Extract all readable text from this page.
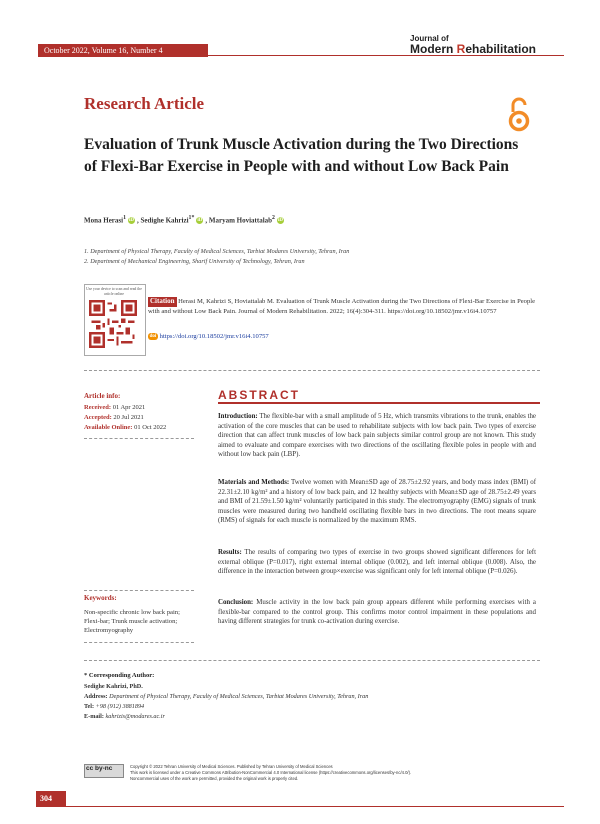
October 2022, Volume 16, Number 4
Journal of
Modern Rehabilitation
Research Article
Evaluation of Trunk Muscle Activation during the Two Directions of Flexi-Bar Exercise in People with and without Low Back Pain
Mona Herasi$^1$ iD , Sedighe Kahrizi$^{1*}$ iD , Maryam Hoviattalab$^2$ iD
1. Department of Physical Therapy, Faculty of Medical Sciences, Tarbiat Modares University, Tehran, Iran
2. Department of Mechanical Engineering, Sharif University of Technology, Tehran, Iran
Use your device to scan and read the article online
Citation Herasi M, Kahrizi S, Hoviattalab M. Evaluation of Trunk Muscle Activation during the Two Directions of Flexi-Bar Exercise in People with and without Low Back Pain. Journal of Modern Rehabilitation. 2022; 16(4):304-311. https://doi.org/10.18502/jmr.v16i4.10757
doi https://doi.org/10.18502/jmr.v16i4.10757
Article info:
Received: 01 Apr 2021
Accepted: 20 Jul 2021
Available Online: 01 Oct 2022
Keywords:
Non-specific chronic low back pain; Flexi-bar; Trunk muscle activation; Electromyography
ABSTRACT
Introduction: The flexible-bar with a small amplitude of 5 Hz, which transmits vibrations to the trunk, enables the activation of the core muscles that can be used to rehabilitate subjects with low back pain. Two types of exercise direction that can affect trunk muscles of low back pain subjects similar control group are not known. This study aimed to evaluate and compare exercises with two directions of the oscillating flexible poles in people with and without low back pain (LBP).
Materials and Methods: Twelve women with Mean±SD age of 28.75±2.92 years, and body mass index (BMI) of 22.31±2.10 kg/m² and a history of low back pain, and 12 healthy subjects with Mean±SD age of 28.75±2.49 years and BMI of 21.59±1.50 kg/m² voluntarily participated in this study. The electromyography (EMG) signals of trunk muscles were measured during two handheld oscillating flexible bars in two directions. The root means square (RMS) of signals for each muscle is normalized by the maximum RMS.
Results: The results of comparing two types of exercise in two groups showed significant differences for left external oblique (P=0.017), right external internal oblique (0.002), and left internal oblique (0.008). Also, the difference in the interaction between group×exercise was significant only for left internal oblique (P=0.026).
Conclusion: Muscle activity in the low back pain group appears different while performing exercises with a flexible-bar compared to the control group. This confirms motor control impairment in these populations and having different strategies for trunk co-activation during exercise.
* Corresponding Author:
Sedighe Kahrizi, PhD.
Address: Department of Physical Therapy, Faculty of Medical Sciences, Tarbiat Modares University, Tehran, Iran
Tel: +98 (912) 3881894
E-mail: kahrizis@modares.ac.ir
cc by-nc	Copyright © 2022 Tehran University of Medical Sciences. Published by Tehran University of Medical Sciences
This work is licensed under a Creative Commons Attribution-NonCommercial 4.0 International license (https://creativecommons.org/licenses/by-nc/4.0/).
Noncommercial uses of the work are permitted, provided the original work is properly cited.
304
